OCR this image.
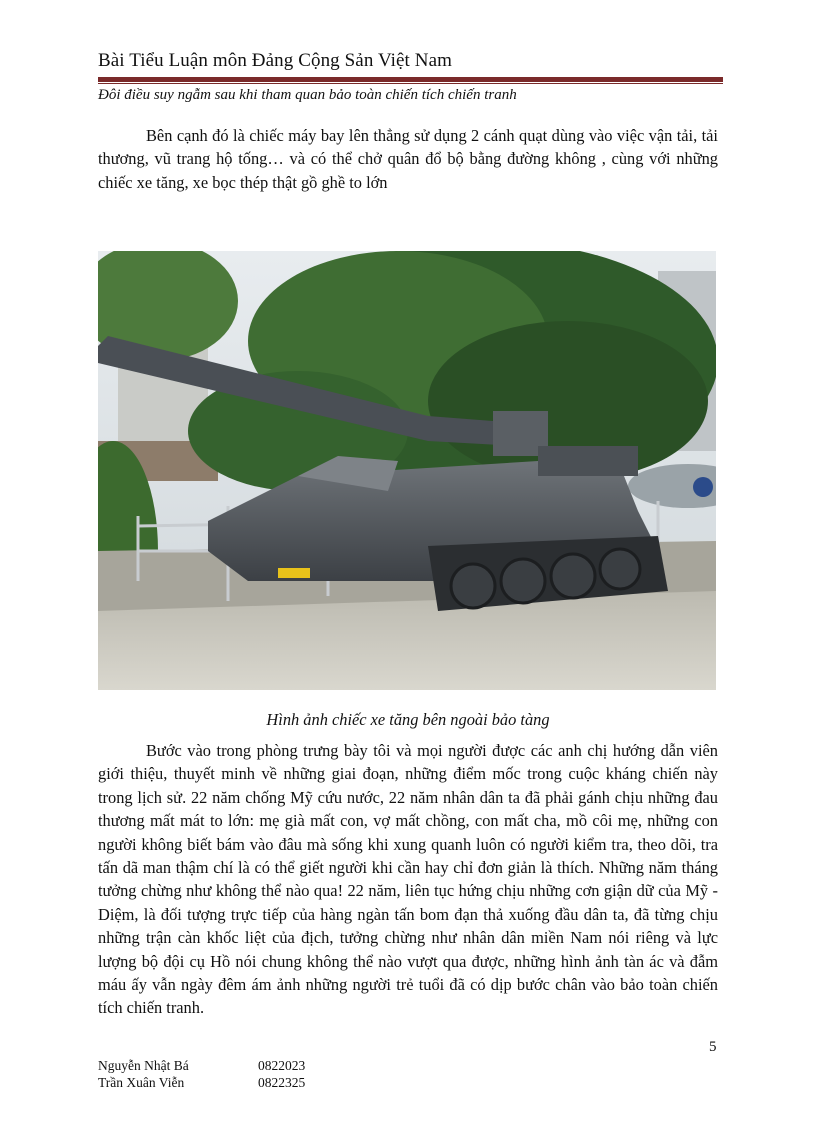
Bài Tiểu Luận môn Đảng Cộng Sản Việt Nam
Đôi điều suy ngẫm sau khi tham quan bảo toàn chiến tích chiến tranh

Bên cạnh đó là chiếc máy bay lên thẳng sử dụng 2 cánh quạt dùng vào việc vận tải, tải thương, vũ trang hộ tống… và có thể chở quân đổ bộ bằng đường không , cùng với những chiếc xe tăng, xe bọc thép thật gồ ghề to lớn

Hình ảnh chiếc xe tăng bên ngoài bảo tàng

Bước vào trong phòng trưng bày tôi và mọi người được các anh chị hướng dẫn viên giới thiệu, thuyết minh về những giai đoạn, những điểm mốc trong cuộc kháng chiến này trong lịch sử. 22 năm chống Mỹ cứu nước, 22 năm nhân dân ta đã phải gánh chịu những đau thương mất mát to lớn: mẹ già mất con, vợ mất chồng, con mất cha, mồ côi mẹ, những con người không biết bám vào đâu mà sống khi xung quanh luôn có người kiểm tra, theo dõi, tra tấn dã man thậm chí là có thể giết người khi cần hay chỉ đơn giản là thích. Những năm tháng tưởng chừng như không thể nào qua! 22 năm, liên tục hứng chịu những cơn giận dữ của Mỹ - Diệm, là đối tượng trực tiếp của hàng ngàn tấn bom đạn thả xuống đầu dân ta, đã từng chịu những trận càn khốc liệt của địch, tưởng chừng như nhân dân miền Nam nói riêng và lực lượng bộ đội cụ Hồ nói chung không thể nào vượt qua được, những hình ảnh tàn ác và đẫm máu ấy vẫn ngày đêm ám ảnh những người trẻ tuổi đã có dịp bước chân vào bảo toàn chiến tích chiến tranh.

5
Nguyễn Nhật Bá	0822023
Trần Xuân Viễn	0822325
